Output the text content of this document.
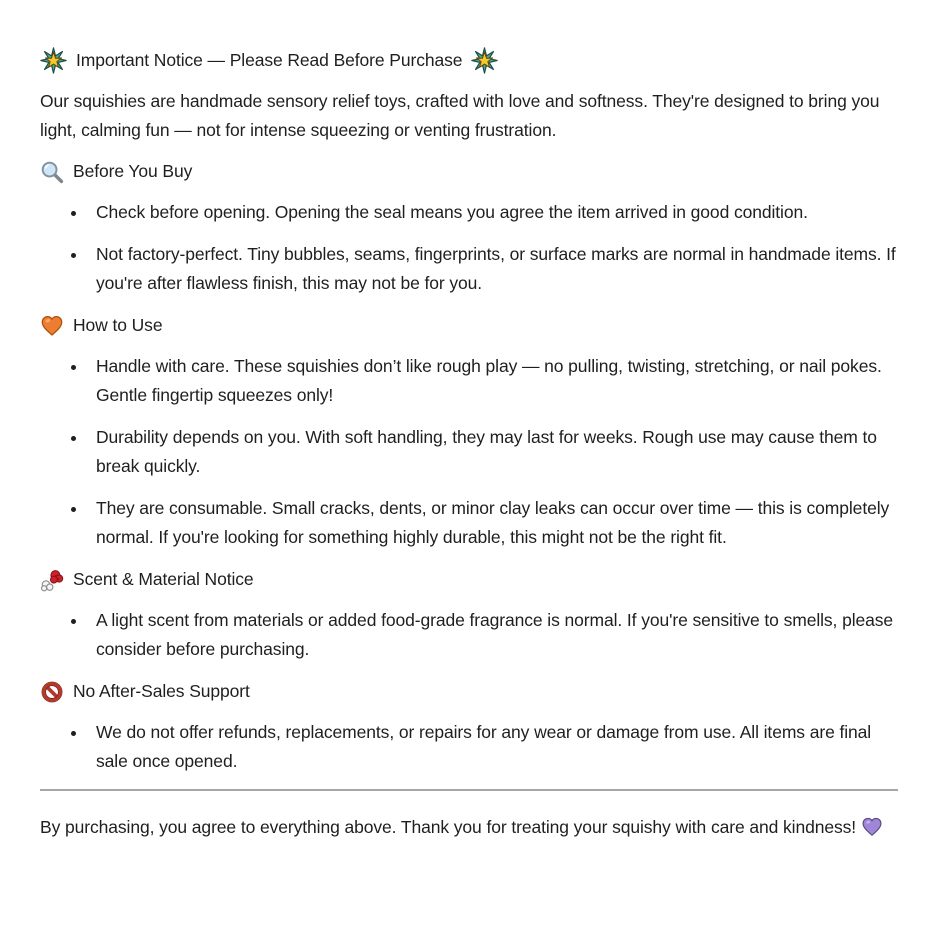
Important Notice — Please Read Before Purchase

Our squishies are handmade sensory relief toys, crafted with love and softness. They're designed to bring you light, calming fun — not for intense squeezing or venting frustration.

Before You Buy
Check before opening. Opening the seal means you agree the item arrived in good condition.
Not factory-perfect. Tiny bubbles, seams, fingerprints, or surface marks are normal in handmade items. If you're after flawless finish, this may not be for you.
How to Use
Handle with care. These squishies don’t like rough play — no pulling, twisting, stretching, or nail pokes. Gentle fingertip squeezes only!
Durability depends on you. With soft handling, they may last for weeks. Rough use may cause them to break quickly.
They are consumable. Small cracks, dents, or minor clay leaks can occur over time — this is completely normal. If you're looking for something highly durable, this might not be the right fit.
Scent & Material Notice
A light scent from materials or added food-grade fragrance is normal. If you're sensitive to smells, please consider before purchasing.
No After-Sales Support
We do not offer refunds, replacements, or repairs for any wear or damage from use. All items are final sale once opened.

By purchasing, you agree to everything above. Thank you for treating your squishy with care and kindness!
